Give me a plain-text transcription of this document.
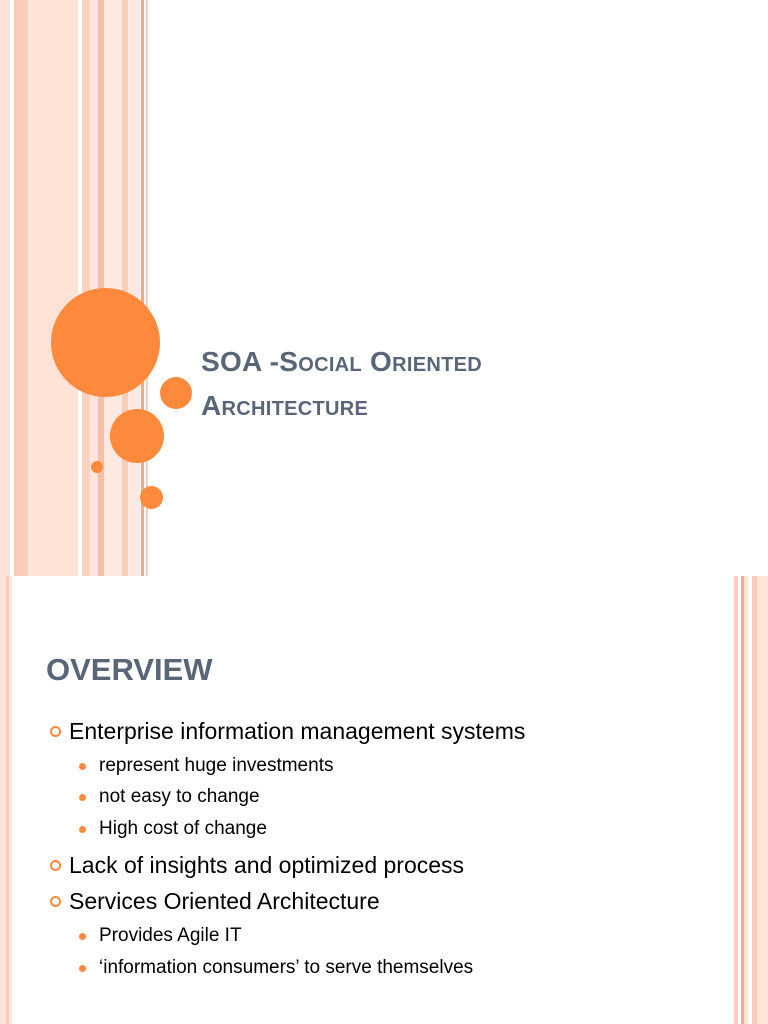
SOA -Social Oriented
Architecture
OVERVIEW
Enterprise information management systems
represent huge investments
not easy to change
High cost of change
Lack of insights and optimized process
Services Oriented Architecture
Provides Agile IT
‘information consumers’ to serve themselves
